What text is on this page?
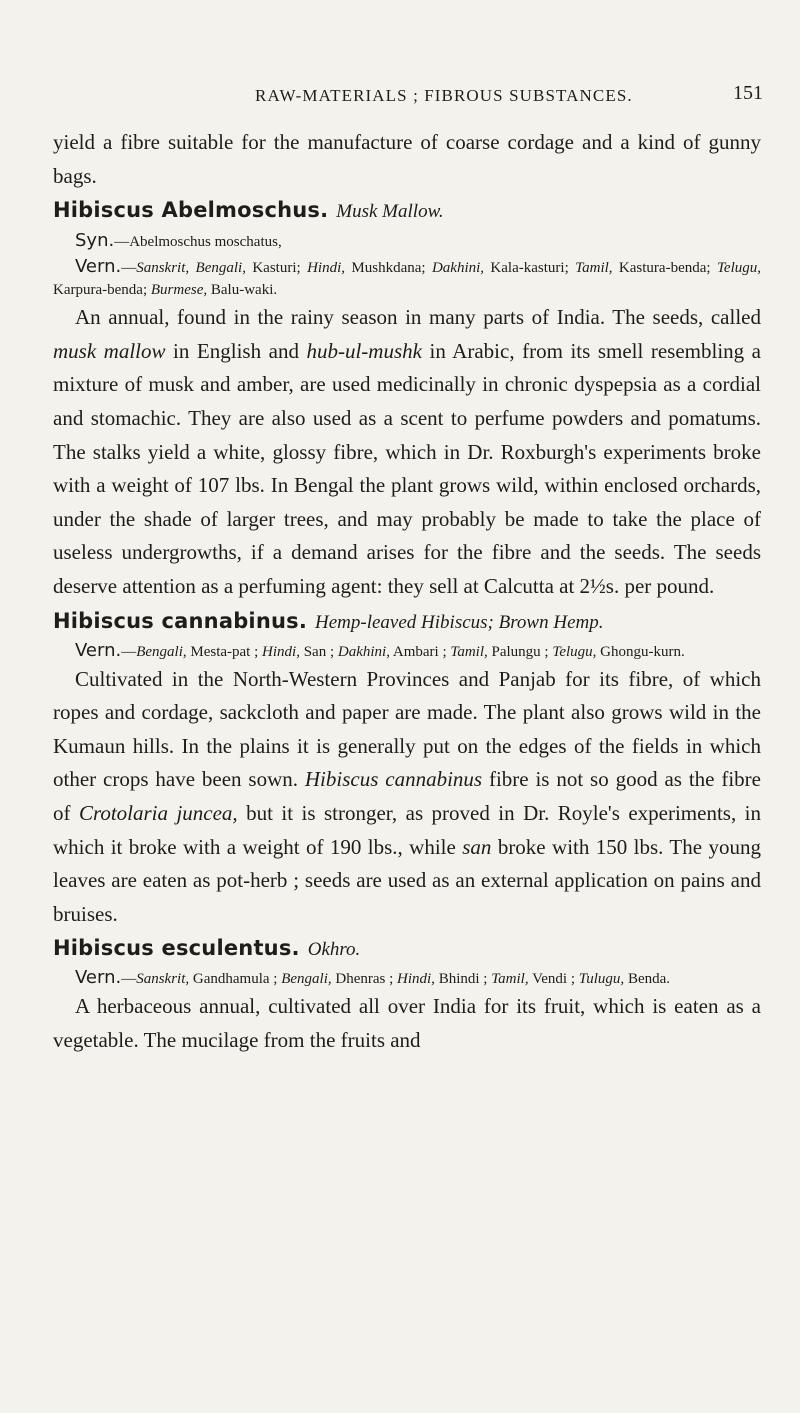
RAW-MATERIALS ; FIBROUS SUBSTANCES.	151

yield a fibre suitable for the manufacture of coarse cordage and a kind of gunny bags.

Hibiscus Abelmoschus. Musk Mallow.

Syn.—Abelmoschus moschatus,

Vern.—Sanskrit, Bengali, Kasturi; Hindi, Mushkdana; Dakhini, Kala-kasturi; Tamil, Kastura-benda; Telugu, Karpura-benda; Burmese, Balu-waki.

An annual, found in the rainy season in many parts of India. The seeds, called musk mallow in English and hub-ul-mushk in Arabic, from its smell resembling a mixture of musk and amber, are used medicinally in chronic dyspepsia as a cordial and stomachic. They are also used as a scent to perfume powders and pomatums. The stalks yield a white, glossy fibre, which in Dr. Roxburgh's experiments broke with a weight of 107 lbs. In Bengal the plant grows wild, within enclosed orchards, under the shade of larger trees, and may probably be made to take the place of useless undergrowths, if a demand arises for the fibre and the seeds. The seeds deserve attention as a perfuming agent: they sell at Calcutta at 2½s. per pound.

Hibiscus cannabinus. Hemp-leaved Hibiscus; Brown Hemp.

Vern.—Bengali, Mesta-pat ; Hindi, San ; Dakhini, Ambari ; Tamil, Palungu ; Telugu, Ghongu-kurn.

Cultivated in the North-Western Provinces and Panjab for its fibre, of which ropes and cordage, sackcloth and paper are made. The plant also grows wild in the Kumaun hills. In the plains it is generally put on the edges of the fields in which other crops have been sown. Hibiscus cannabinus fibre is not so good as the fibre of Crotolaria juncea, but it is stronger, as proved in Dr. Royle's experiments, in which it broke with a weight of 190 lbs., while san broke with 150 lbs. The young leaves are eaten as pot-herb ; seeds are used as an external application on pains and bruises.

Hibiscus esculentus. Okhro.

Vern.—Sanskrit, Gandhamula ; Bengali, Dhenras ; Hindi, Bhindi ; Tamil, Vendi ; Tulugu, Benda.

A herbaceous annual, cultivated all over India for its fruit, which is eaten as a vegetable. The mucilage from the fruits and
